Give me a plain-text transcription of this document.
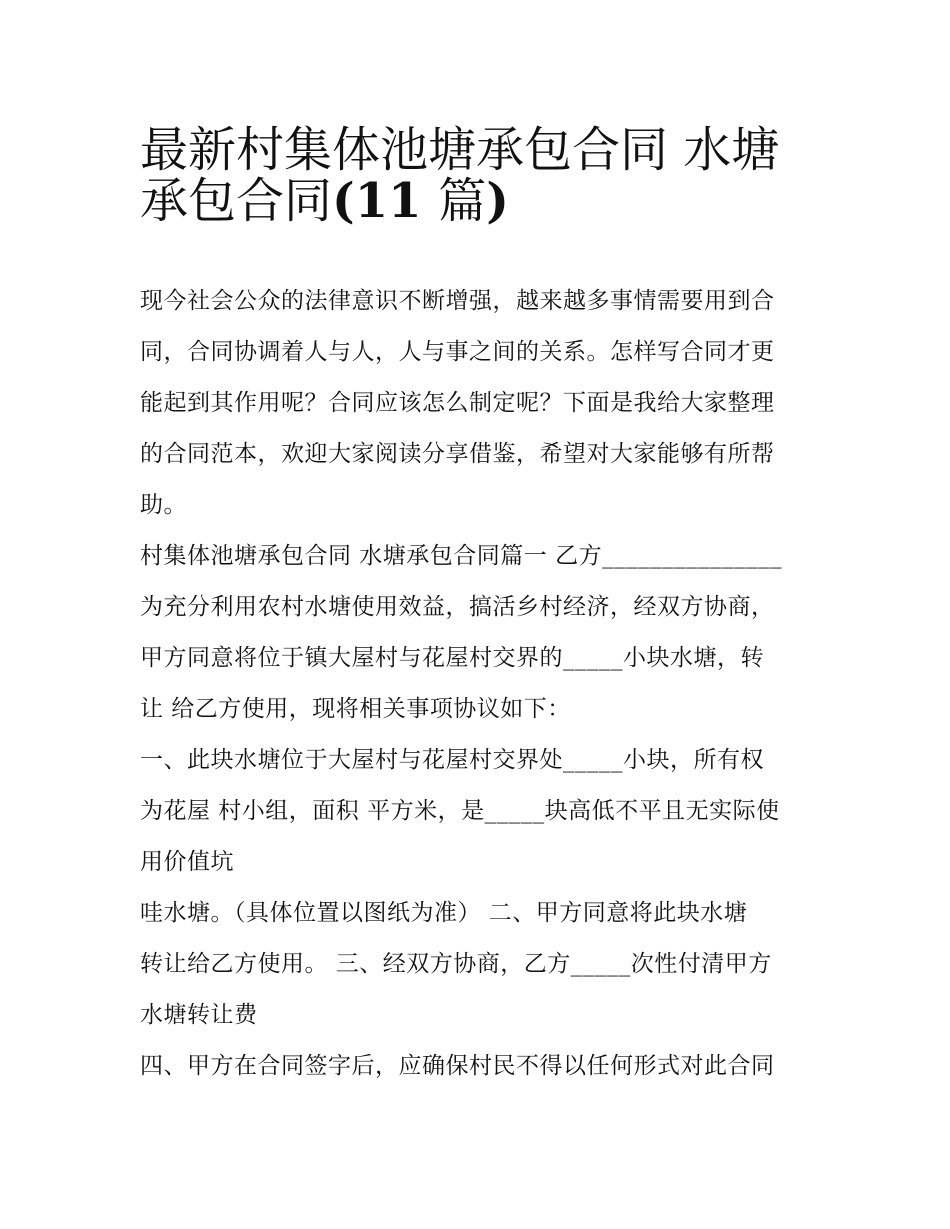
最新村集体池塘承包合同 水塘
承包合同(11 篇)
现今社会公众的法律意识不断增强，越来越多事情需要用到合
同，合同协调着人与人，人与事之间的关系。怎样写合同才更
能起到其作用呢？合同应该怎么制定呢？下面是我给大家整理
的合同范本，欢迎大家阅读分享借鉴，希望对大家能够有所帮
助。
村集体池塘承包合同 水塘承包合同篇一 乙方_______________
为充分利用农村水塘使用效益，搞活乡村经济，经双方协商，
甲方同意将位于镇大屋村与花屋村交界的_____小块水塘，转
让 给乙方使用，现将相关事项协议如下：
一、此块水塘位于大屋村与花屋村交界处_____小块，所有权
为花屋 村小组，面积 平方米，是_____块高低不平且无实际使
用价值坑
哇水塘。（具体位置以图纸为准） 二、甲方同意将此块水塘
转让给乙方使用。 三、经双方协商，乙方_____次性付清甲方
水塘转让费
四、甲方在合同签字后，应确保村民不得以任何形式对此合同
